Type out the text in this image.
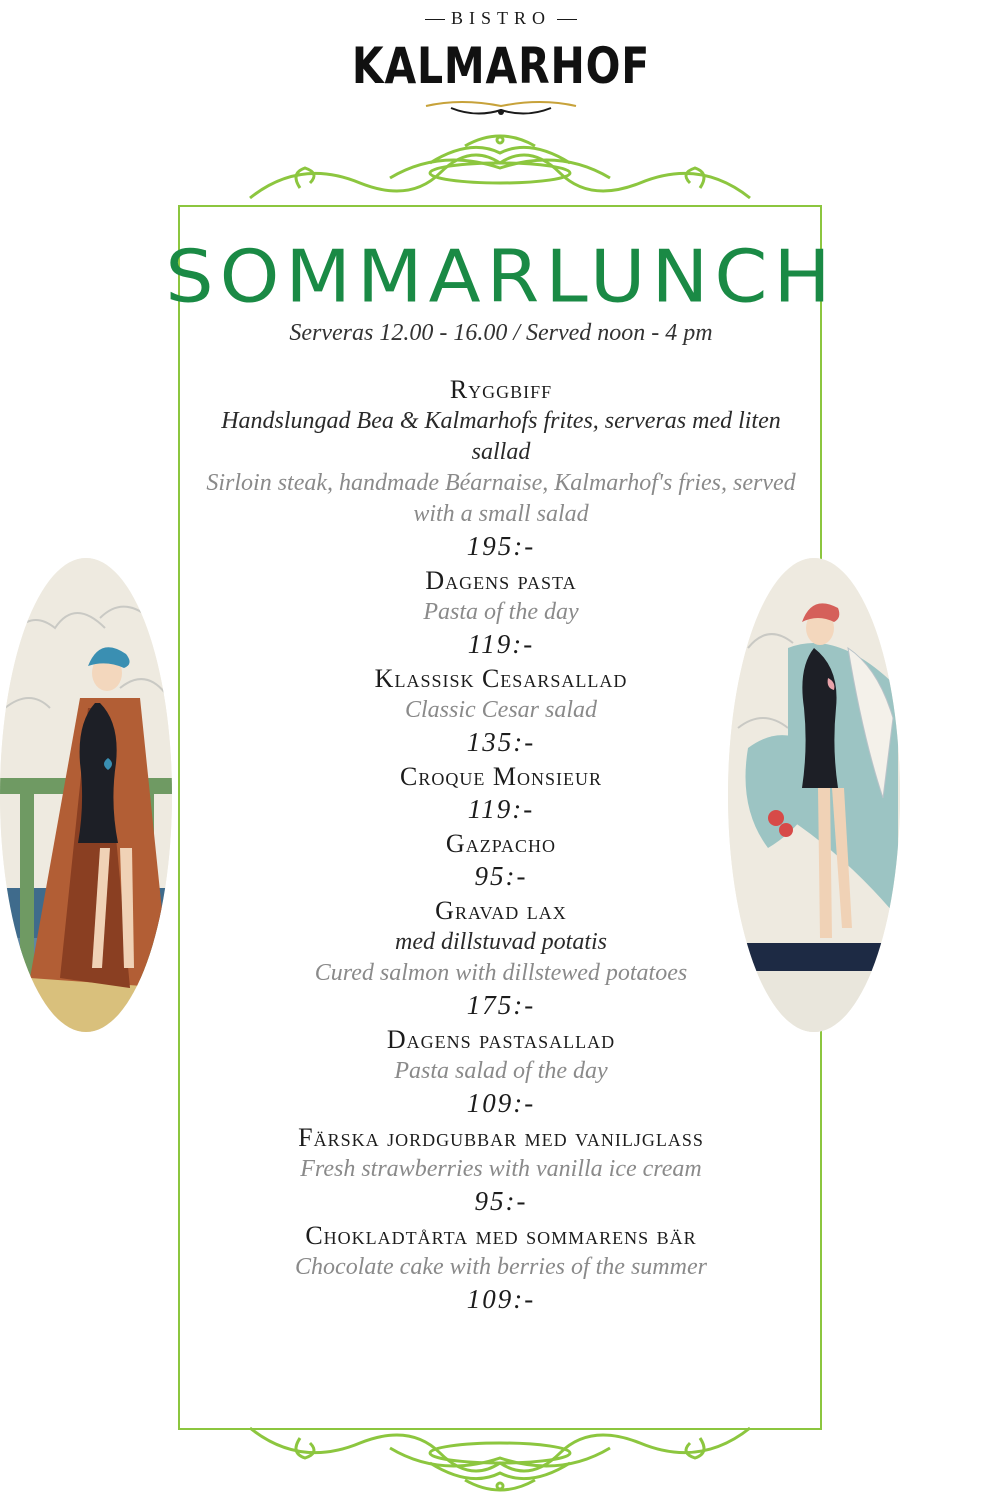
BISTRO
KALMARHOF
SOMMARLUNCH
Serveras 12.00 - 16.00 / Served noon - 4 pm
Ryggbiff
Handslungad Bea & Kalmarhofs frites, serveras med liten sallad
Sirloin steak, handmade Béarnaise, Kalmarhof's fries, served with a small salad
195:-
Dagens pasta
Pasta of the day
119:-
Klassisk Cesarsallad
Classic Cesar salad
135:-
Croque Monsieur
119:-
Gazpacho
95:-
Gravad lax
med dillstuvad potatis
Cured salmon with dillstewed potatoes
175:-
Dagens pastasallad
Pasta salad of the day
109:-
Färska jordgubbar med vaniljglass
Fresh strawberries with vanilla ice cream
95:-
Chokladtårta med sommarens bär
Chocolate cake with berries of the summer
109:-
